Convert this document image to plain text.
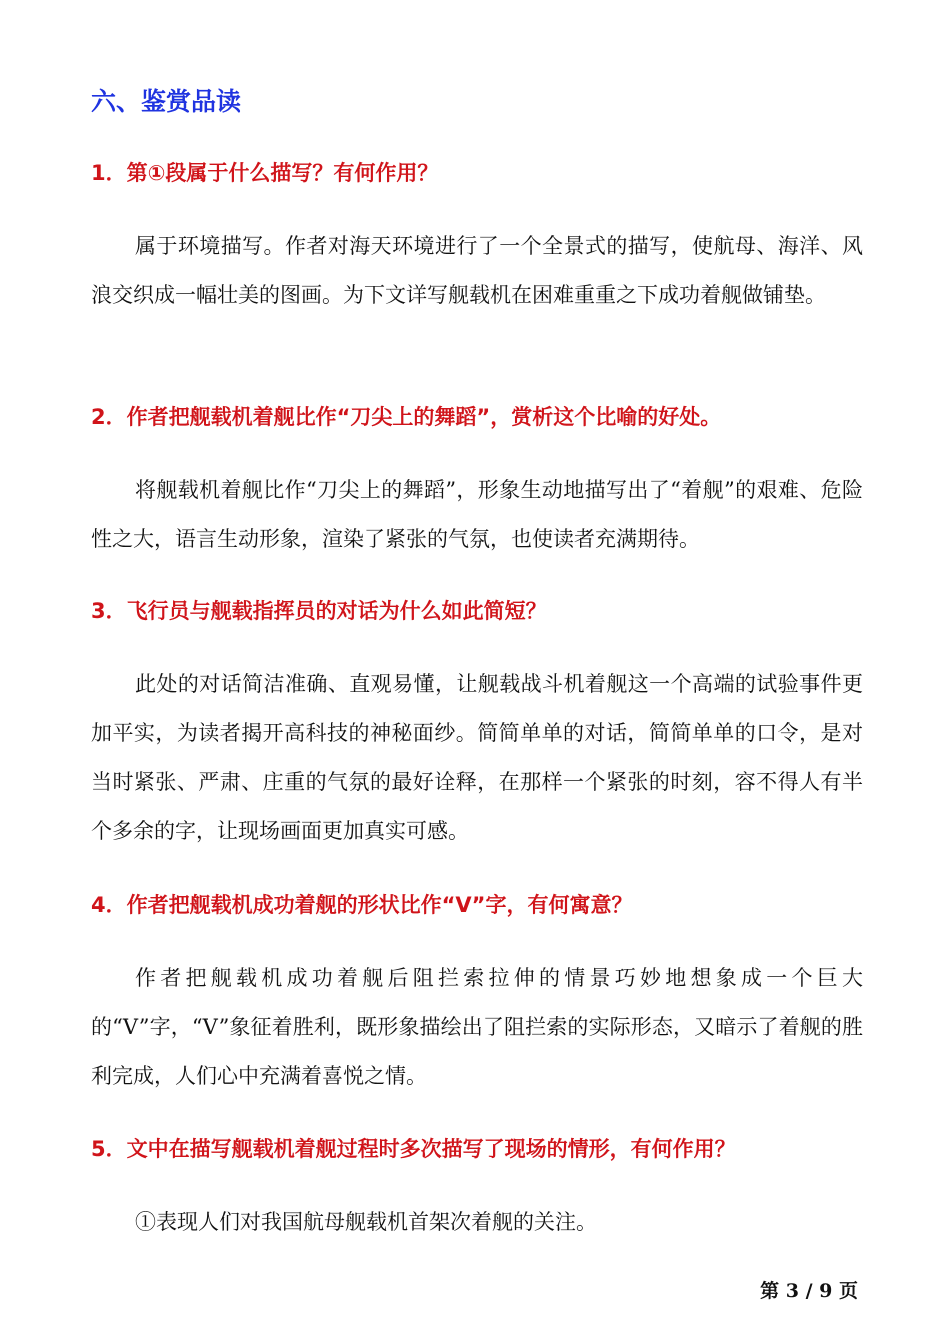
六、鉴赏品读

1．第①段属于什么描写？有何作用？

属于环境描写。作者对海天环境进行了一个全景式的描写，使航母、海洋、风浪交织成一幅壮美的图画。为下文详写舰载机在困难重重之下成功着舰做铺垫。

2．作者把舰载机着舰比作“刀尖上的舞蹈”，赏析这个比喻的好处。

将舰载机着舰比作“刀尖上的舞蹈”，形象生动地描写出了“着舰”的艰难、危险性之大，语言生动形象，渲染了紧张的气氛，也使读者充满期待。

3．飞行员与舰载指挥员的对话为什么如此简短？

此处的对话简洁准确、直观易懂，让舰载战斗机着舰这一个高端的试验事件更加平实，为读者揭开高科技的神秘面纱。简简单单的对话，简简单单的口令，是对当时紧张、严肃、庄重的气氛的最好诠释，在那样一个紧张的时刻，容不得人有半个多余的字，让现场画面更加真实可感。

4．作者把舰载机成功着舰的形状比作“V”字，有何寓意？

作者把舰载机成功着舰后阻拦索拉伸的情景巧妙地想象成一个巨大的“V”字，“V”象征着胜利，既形象描绘出了阻拦索的实际形态，又暗示了着舰的胜利完成，人们心中充满着喜悦之情。

5．文中在描写舰载机着舰过程时多次描写了现场的情形，有何作用？

①表现人们对我国航母舰载机首架次着舰的关注。

第 3 / 9 页
